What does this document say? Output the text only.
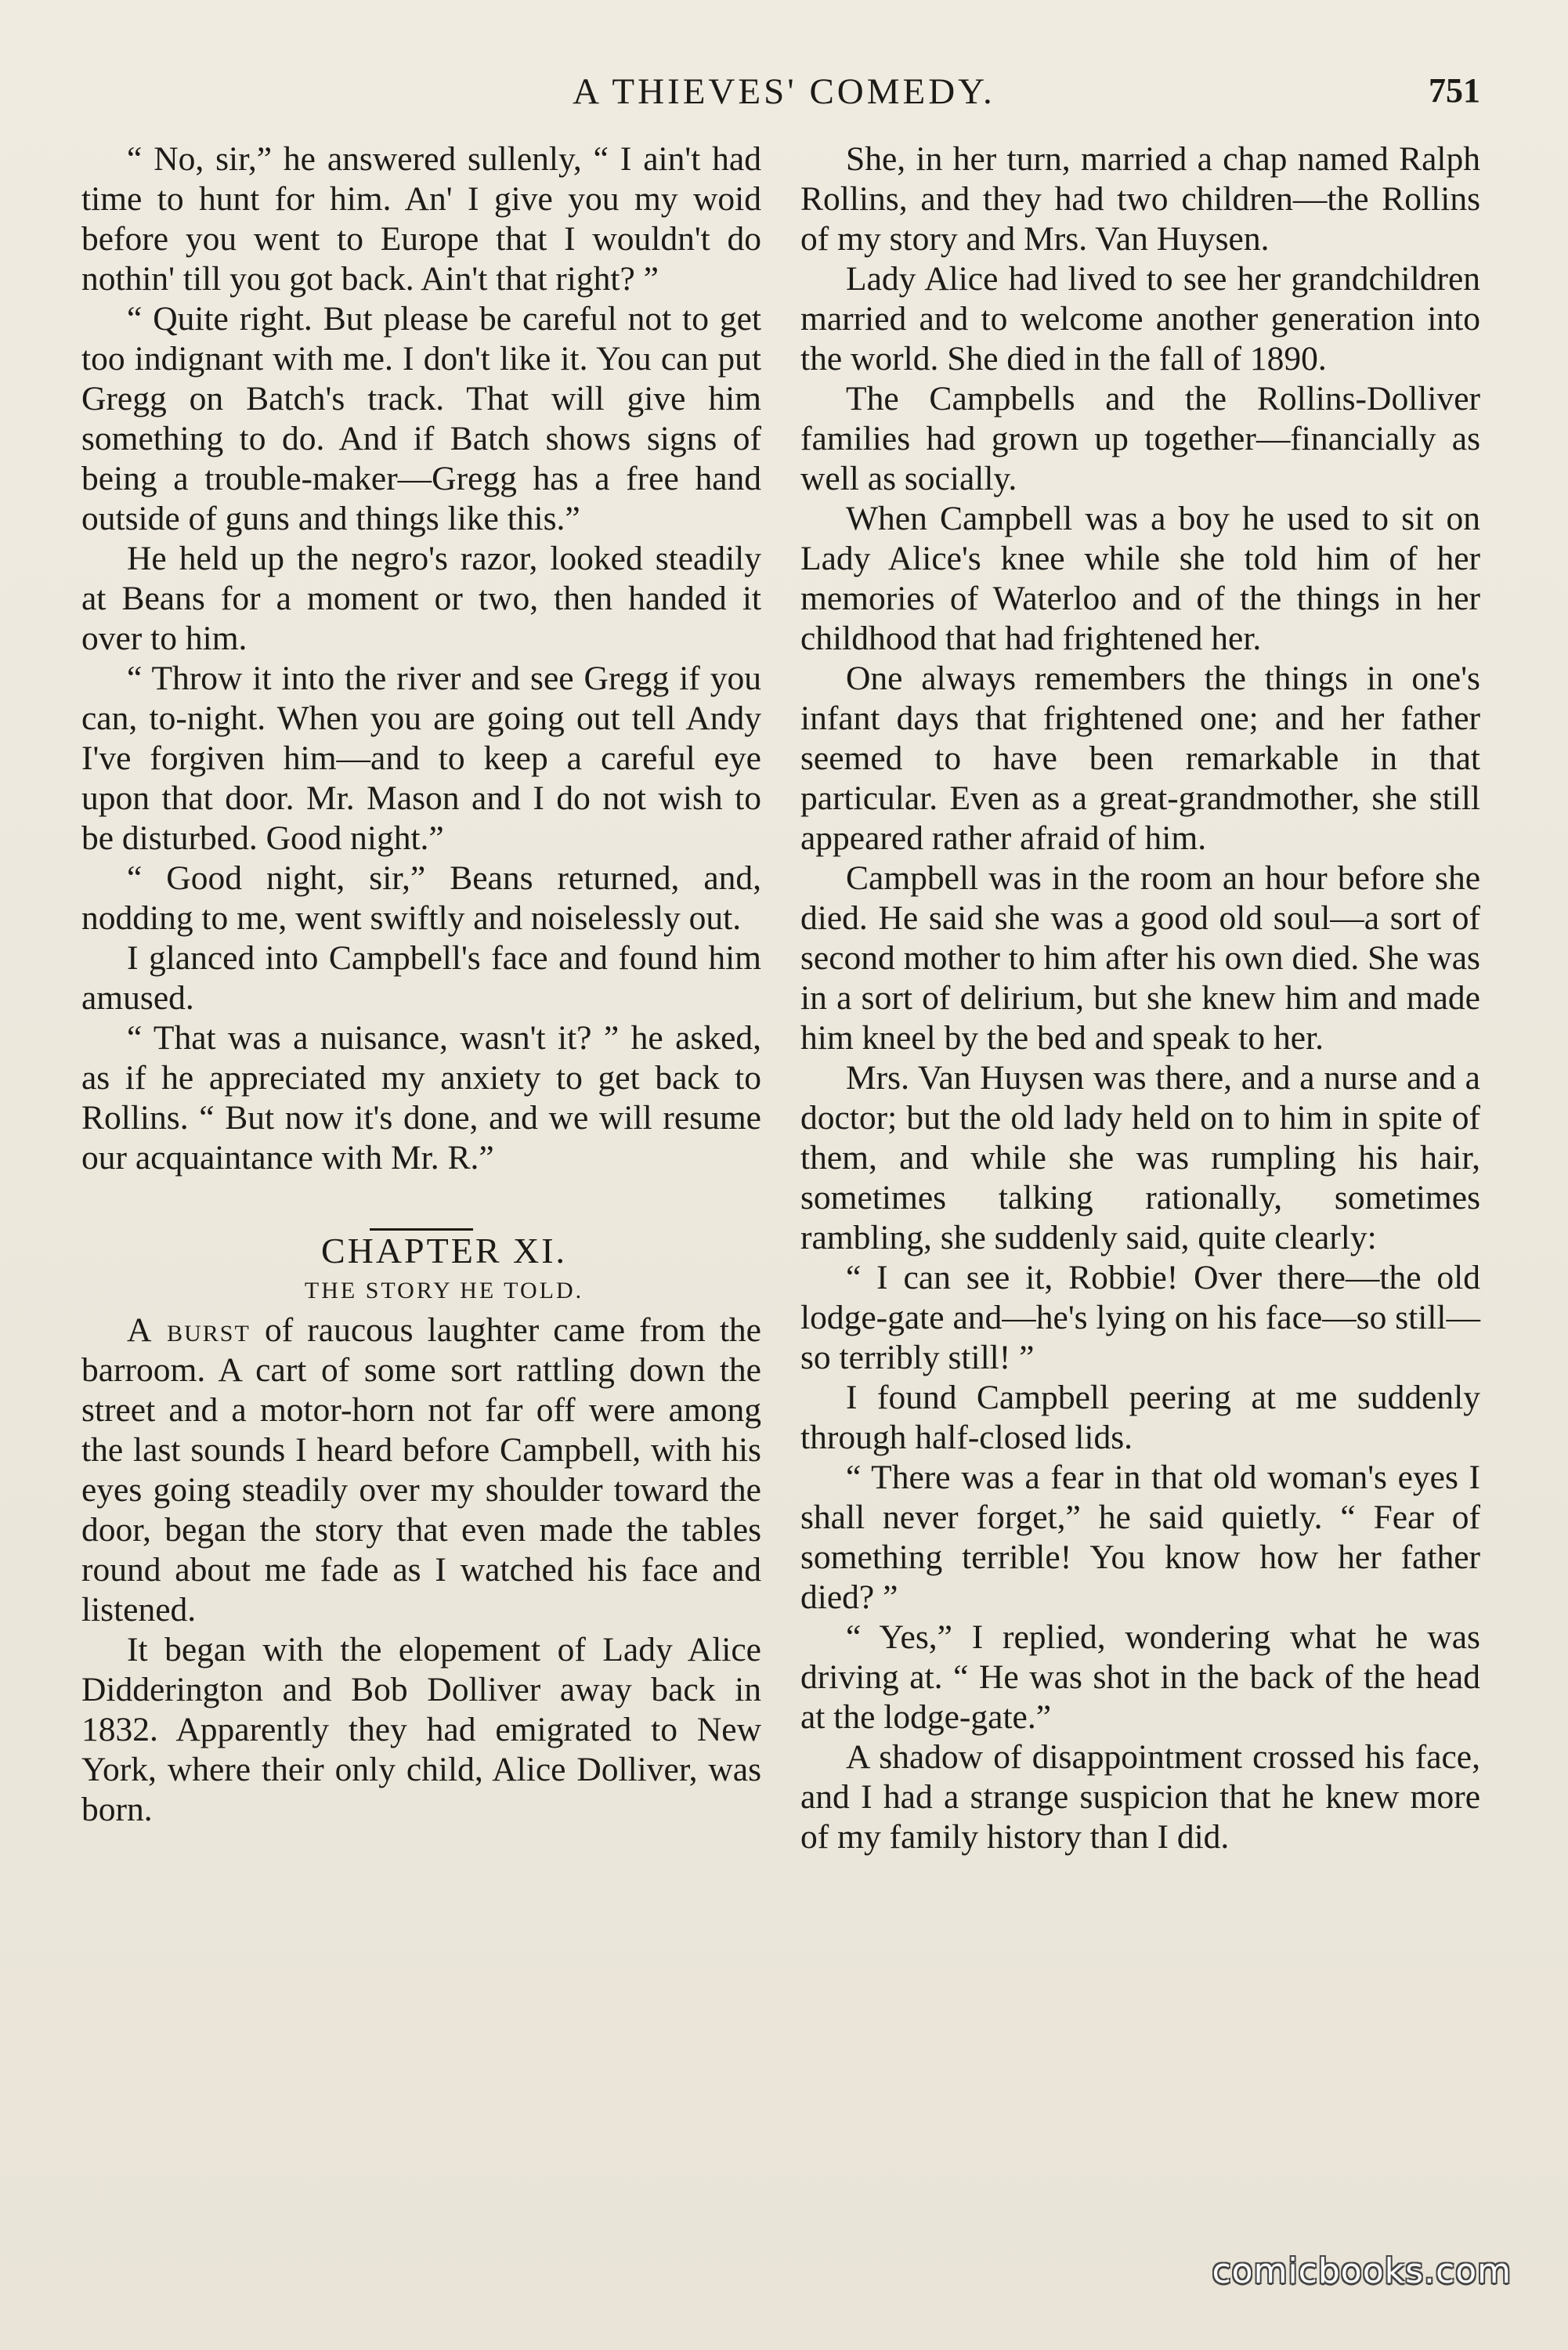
A THIEVES' COMEDY.	751

“ No, sir,” he answered sullenly, “ I ain't had time to hunt for him. An' I give you my woid before you went to Europe that I wouldn't do nothin' till you got back. Ain't that right? ”

“ Quite right. But please be careful not to get too indignant with me. I don't like it. You can put Gregg on Batch's track. That will give him something to do. And if Batch shows signs of being a trouble-maker—Gregg has a free hand outside of guns and things like this.”

He held up the negro's razor, looked steadily at Beans for a moment or two, then handed it over to him.

“ Throw it into the river and see Gregg if you can, to-night. When you are going out tell Andy I've forgiven him—and to keep a careful eye upon that door. Mr. Mason and I do not wish to be disturbed. Good night.”

“ Good night, sir,” Beans returned, and, nodding to me, went swiftly and noiselessly out.

I glanced into Campbell's face and found him amused.

“ That was a nuisance, wasn't it? ” he asked, as if he appreciated my anxiety to get back to Rollins. “ But now it's done, and we will resume our acquaintance with Mr. R.”

CHAPTER XI.

THE STORY HE TOLD.

A burst of raucous laughter came from the barroom. A cart of some sort rattling down the street and a motor-horn not far off were among the last sounds I heard before Campbell, with his eyes going steadily over my shoulder toward the door, began the story that even made the tables round about me fade as I watched his face and listened.

It began with the elopement of Lady Alice Didderington and Bob Dolliver away back in 1832. Apparently they had emigrated to New York, where their only child, Alice Dolliver, was born.

She, in her turn, married a chap named Ralph Rollins, and they had two children—the Rollins of my story and Mrs. Van Huysen.

Lady Alice had lived to see her grandchildren married and to welcome another generation into the world. She died in the fall of 1890.

The Campbells and the Rollins-Dolliver families had grown up together—financially as well as socially.

When Campbell was a boy he used to sit on Lady Alice's knee while she told him of her memories of Waterloo and of the things in her childhood that had frightened her.

One always remembers the things in one's infant days that frightened one; and her father seemed to have been remarkable in that particular. Even as a great-grandmother, she still appeared rather afraid of him.

Campbell was in the room an hour before she died. He said she was a good old soul—a sort of second mother to him after his own died. She was in a sort of delirium, but she knew him and made him kneel by the bed and speak to her.

Mrs. Van Huysen was there, and a nurse and a doctor; but the old lady held on to him in spite of them, and while she was rumpling his hair, sometimes talking rationally, sometimes rambling, she suddenly said, quite clearly:

“ I can see it, Robbie! Over there—the old lodge-gate and—he's lying on his face—so still—so terribly still! ”

I found Campbell peering at me suddenly through half-closed lids.

“ There was a fear in that old woman's eyes I shall never forget,” he said quietly. “ Fear of something terrible! You know how her father died? ”

“ Yes,” I replied, wondering what he was driving at. “ He was shot in the back of the head at the lodge-gate.”

A shadow of disappointment crossed his face, and I had a strange suspicion that he knew more of my family history than I did.

comicbooks.com
